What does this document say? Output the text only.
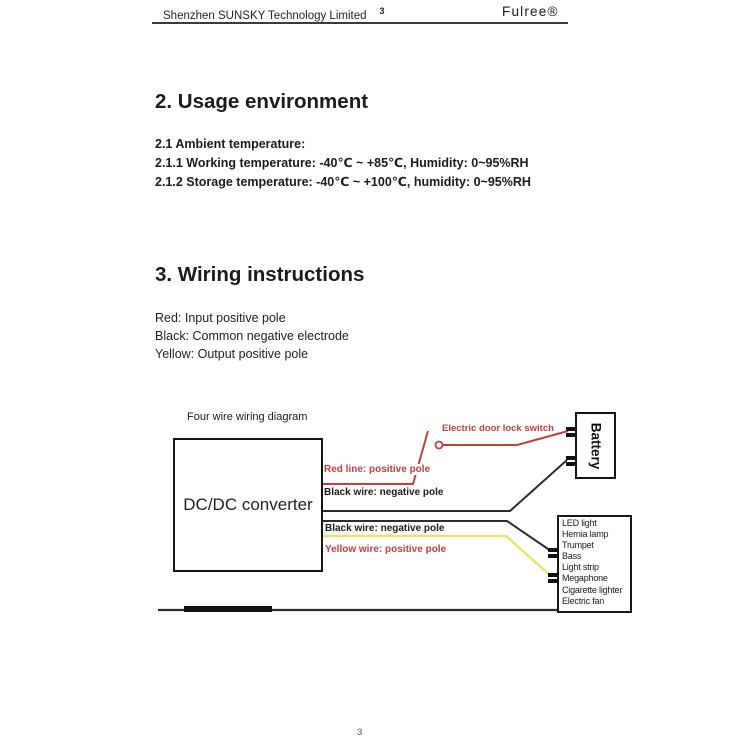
Shenzhen SUNSKY Technology Limited $^3$	Fulree®
2. Usage environment
2.1 Ambient temperature:
2.1.1 Working temperature: -40℃ ~ +85℃, Humidity: 0~95%RH
2.1.2 Storage temperature: -40℃ ~ +100℃, humidity: 0~95%RH
3. Wiring instructions
Red: Input positive pole
Black: Common negative electrode
Yellow: Output positive pole
Four wire wiring diagram
DC/DC converter
Battery
LED light
Hernia lamp
Trumpet
Bass
Light strip
Megaphone
Cigarette lighter
Electric fan
Red line: positive pole
Black wire: negative pole
Black wire: negative pole
Yellow wire: positive pole
Electric door lock switch
3
